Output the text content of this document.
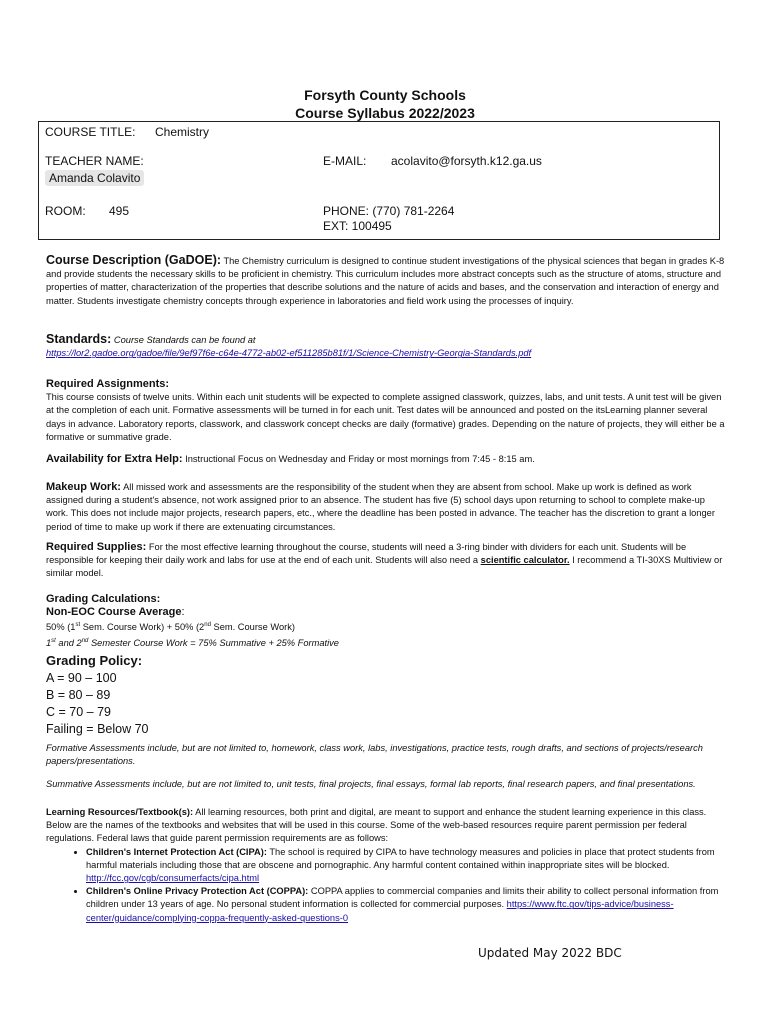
Forsyth County Schools
Course Syllabus 2022/2023
COURSE TITLE: Chemistry
TEACHER NAME:
Amanda Colavito
E-MAIL: acolavito@forsyth.k12.ga.us
ROOM: 495	PHONE: (770) 781-2264
EXT: 100495
Course Description (GaDOE): The Chemistry curriculum is designed to continue student investigations of the physical sciences that began in grades K-8 and provide students the necessary skills to be proficient in chemistry. This curriculum includes more abstract concepts such as the structure of atoms, structure and properties of matter, characterization of the properties that describe solutions and the nature of acids and bases, and the conservation and interaction of energy and matter. Students investigate chemistry concepts through experience in laboratories and field work using the processes of inquiry.
Standards: Course Standards can be found at
https://lor2.gadoe.org/gadoe/file/9ef97f6e-c64e-4772-ab02-ef511285b81f/1/Science-Chemistry-Georgia-Standards.pdf
Required Assignments:
This course consists of twelve units. Within each unit students will be expected to complete assigned classwork, quizzes, labs, and unit tests. A unit test will be given at the completion of each unit. Formative assessments will be turned in for each unit. Test dates will be announced and posted on the itsLearning planner several days in advance. Laboratory reports, classwork, and classwork concept checks are daily (formative) grades. Depending on the nature of projects, they will either be a formative or summative grade.
Availability for Extra Help: Instructional Focus on Wednesday and Friday or most mornings from 7:45 - 8:15 am.
Makeup Work: All missed work and assessments are the responsibility of the student when they are absent from school. Make up work is defined as work assigned during a student's absence, not work assigned prior to an absence. The student has five (5) school days upon returning to school to complete make-up work. This does not include major projects, research papers, etc., where the deadline has been posted in advance. The teacher has the discretion to grant a longer period of time to make up work if there are extenuating circumstances.
Required Supplies: For the most effective learning throughout the course, students will need a 3-ring binder with dividers for each unit. Students will be responsible for keeping their daily work and labs for use at the end of each unit. Students will also need a scientific calculator. I recommend a TI-30XS Multiview or similar model.
Grading Calculations:
Non-EOC Course Average:
50% (1st Sem. Course Work) + 50% (2nd Sem. Course Work)
1st and 2nd Semester Course Work = 75% Summative + 25% Formative
Grading Policy:
A = 90 – 100
B = 80 – 89
C = 70 – 79
Failing = Below 70
Formative Assessments include, but are not limited to, homework, class work, labs, investigations, practice tests, rough drafts, and sections of projects/research papers/presentations.
Summative Assessments include, but are not limited to, unit tests, final projects, final essays, formal lab reports, final research papers, and final presentations.
Learning Resources/Textbook(s): All learning resources, both print and digital, are meant to support and enhance the student learning experience in this class. Below are the names of the textbooks and websites that will be used in this course. Some of the web-based resources require parent permission per federal regulations. Federal laws that guide parent permission requirements are as follows:
• Children's Internet Protection Act (CIPA): The school is required by CIPA to have technology measures and policies in place that protect students from harmful materials including those that are obscene and pornographic. Any harmful content contained within inappropriate sites will be blocked. http://fcc.gov/cgb/consumerfacts/cipa.html
• Children's Online Privacy Protection Act (COPPA): COPPA applies to commercial companies and limits their ability to collect personal information from children under 13 years of age. No personal student information is collected for commercial purposes. https://www.ftc.gov/tips-advice/business-center/guidance/complying-coppa-frequently-asked-questions-0
Updated May 2022 BDC
